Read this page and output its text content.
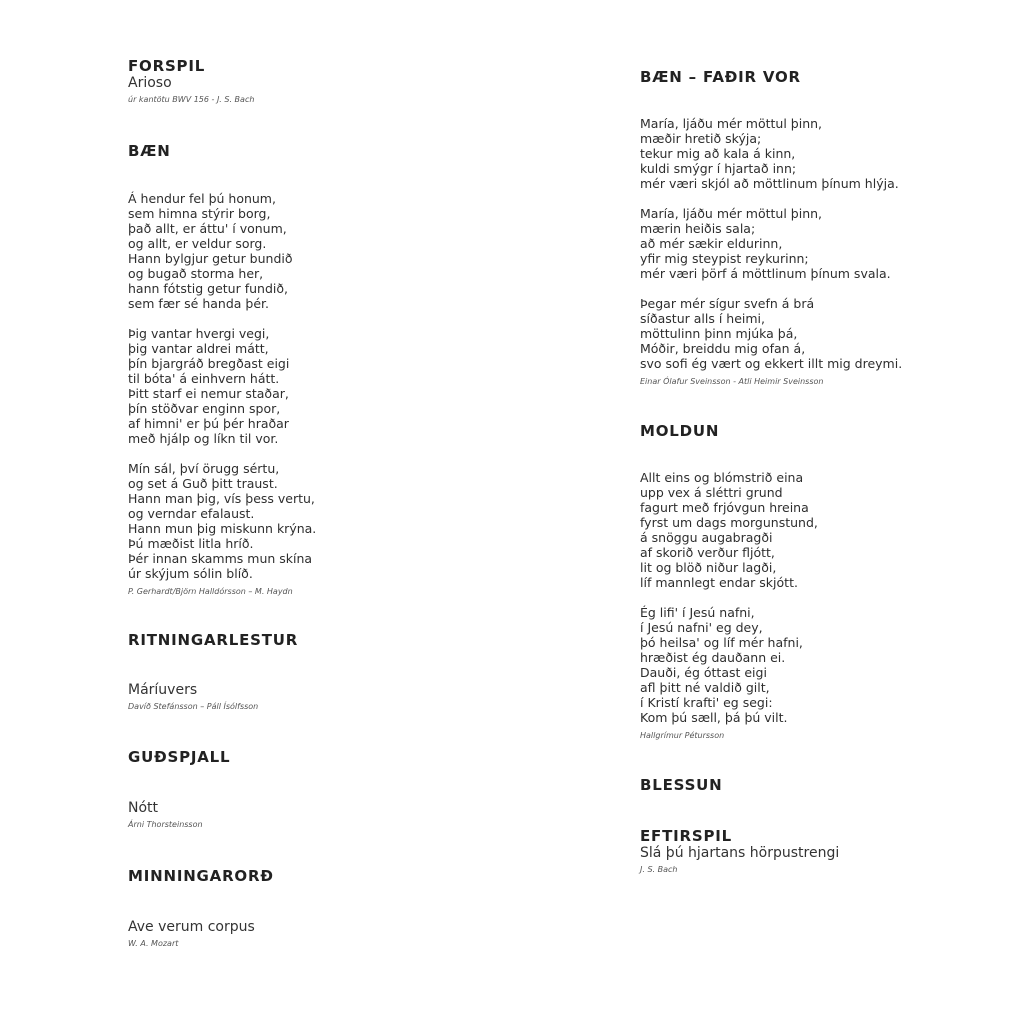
FORSPIL
Arioso
úr kantötu BWV 156 - J. S. Bach
BÆN
Á hendur fel þú honum,
sem himna stýrir borg,
það allt, er áttu' í vonum,
og allt, er veldur sorg.
Hann bylgjur getur bundið
og bugað storma her,
hann fótstig getur fundið,
sem fær sé handa þér.
Þig vantar hvergi vegi,
þig vantar aldrei mátt,
þín bjargráð bregðast eigi
til bóta' á einhvern hátt.
Þitt starf ei nemur staðar,
þín stöðvar enginn spor,
af himni' er þú þér hraðar
með hjálp og líkn til vor.
Mín sál, því örugg sértu,
og set á Guð þitt traust.
Hann man þig, vís þess vertu,
og verndar efalaust.
Hann mun þig miskunn krýna.
Þú mæðist litla hríð.
Þér innan skamms mun skína
úr skýjum sólin blíð.
P. Gerhardt/Björn Halldórsson – M. Haydn
RITNINGARLESTUR
Máríuvers
Davíð Stefánsson – Páll Ísólfsson
GUÐSPJALL
Nótt
Árni Thorsteinsson
MINNINGARORÐ
Ave verum corpus
W. A. Mozart
BÆN – FAÐIR VOR
María, ljáðu mér möttul þinn,
mæðir hretið skýja;
tekur mig að kala á kinn,
kuldi smýgr í hjartað inn;
mér væri skjól að möttlinum þínum hlýja.
María, ljáðu mér möttul þinn,
mærin heiðis sala;
að mér sækir eldurinn,
yfir mig steypist reykurinn;
mér væri þörf á möttlinum þínum svala.
Þegar mér sígur svefn á brá
síðastur alls í heimi,
möttulinn þinn mjúka þá,
Móðir, breiddu mig ofan á,
svo sofi ég vært og ekkert illt mig dreymi.
Einar Ólafur Sveinsson - Atli Heimir Sveinsson
MOLDUN
Allt eins og blómstrið eina
upp vex á sléttri grund
fagurt með frjóvgun hreina
fyrst um dags morgunstund,
á snöggu augabragði
af skorið verður fljótt,
lit og blöð niður lagði,
líf mannlegt endar skjótt.
Ég lifi' í Jesú nafni,
í Jesú nafni' eg dey,
þó heilsa' og líf mér hafni,
hræðist ég dauðann ei.
Dauði, ég óttast eigi
afl þitt né valdið gilt,
í Kristí krafti' eg segi:
Kom þú sæll, þá þú vilt.
Hallgrímur Pétursson
BLESSUN
EFTIRSPIL
Slá þú hjartans hörpustrengi
J. S. Bach
